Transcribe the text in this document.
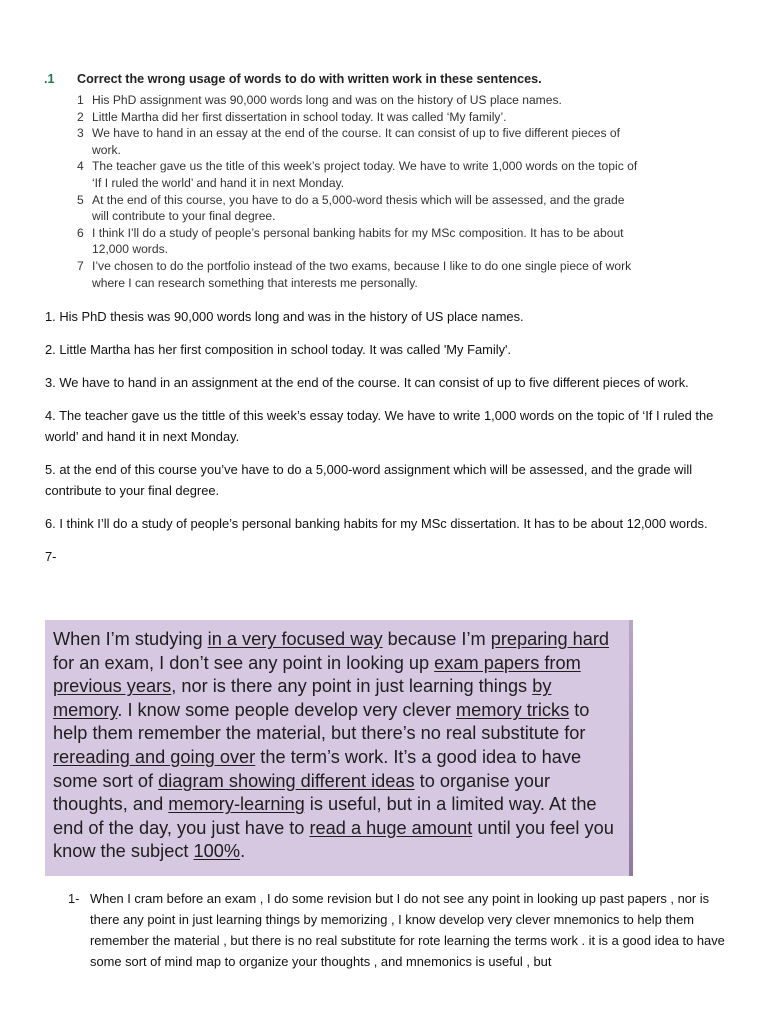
.1 Correct the wrong usage of words to do with written work in these sentences.
1 His PhD assignment was 90,000 words long and was on the history of US place names.
2 Little Martha did her first dissertation in school today. It was called ‘My family’.
3 We have to hand in an essay at the end of the course. It can consist of up to five different pieces of work.
4 The teacher gave us the title of this week’s project today. We have to write 1,000 words on the topic of ‘If I ruled the world’ and hand it in next Monday.
5 At the end of this course, you have to do a 5,000-word thesis which will be assessed, and the grade will contribute to your final degree.
6 I think I’ll do a study of people’s personal banking habits for my MSc composition. It has to be about 12,000 words.
7 I’ve chosen to do the portfolio instead of the two exams, because I like to do one single piece of work where I can research something that interests me personally.

1. His PhD thesis was 90,000 words long and was in the history of US place names.

2. Little Martha has her first composition in school today. It was called 'My Family'.

3. We have to hand in an assignment at the end of the course. It can consist of up to five different pieces of work.

4. The teacher gave us the tittle of this week’s essay today. We have to write 1,000 words on the topic of ‘If I ruled the world’ and hand it in next Monday.

5. at the end of this course you’ve have to do a 5,000-word assignment which will be assessed, and the grade will contribute to your final degree.

6. I think I’ll do a study of people’s personal banking habits for my MSc dissertation. It has to be about 12,000 words.

7-

When I’m studying in a very focused way because I’m preparing hard for an exam, I don’t see any point in looking up exam papers from previous years, nor is there any point in just learning things by memory. I know some people develop very clever memory tricks to help them remember the material, but there’s no real substitute for rereading and going over the term’s work. It’s a good idea to have some sort of diagram showing different ideas to organise your thoughts, and memory-learning is useful, but in a limited way. At the end of the day, you just have to read a huge amount until you feel you know the subject 100%.
1- When I cram before an exam , I do some revision but I do not see any point in looking up past papers , nor is there any point in just learning things by memorizing , I know develop very clever mnemonics to help them remember the material , but there is no real substitute for rote learning the terms work . it is a good idea to have some sort of mind map to organize your thoughts , and mnemonics is useful , but
